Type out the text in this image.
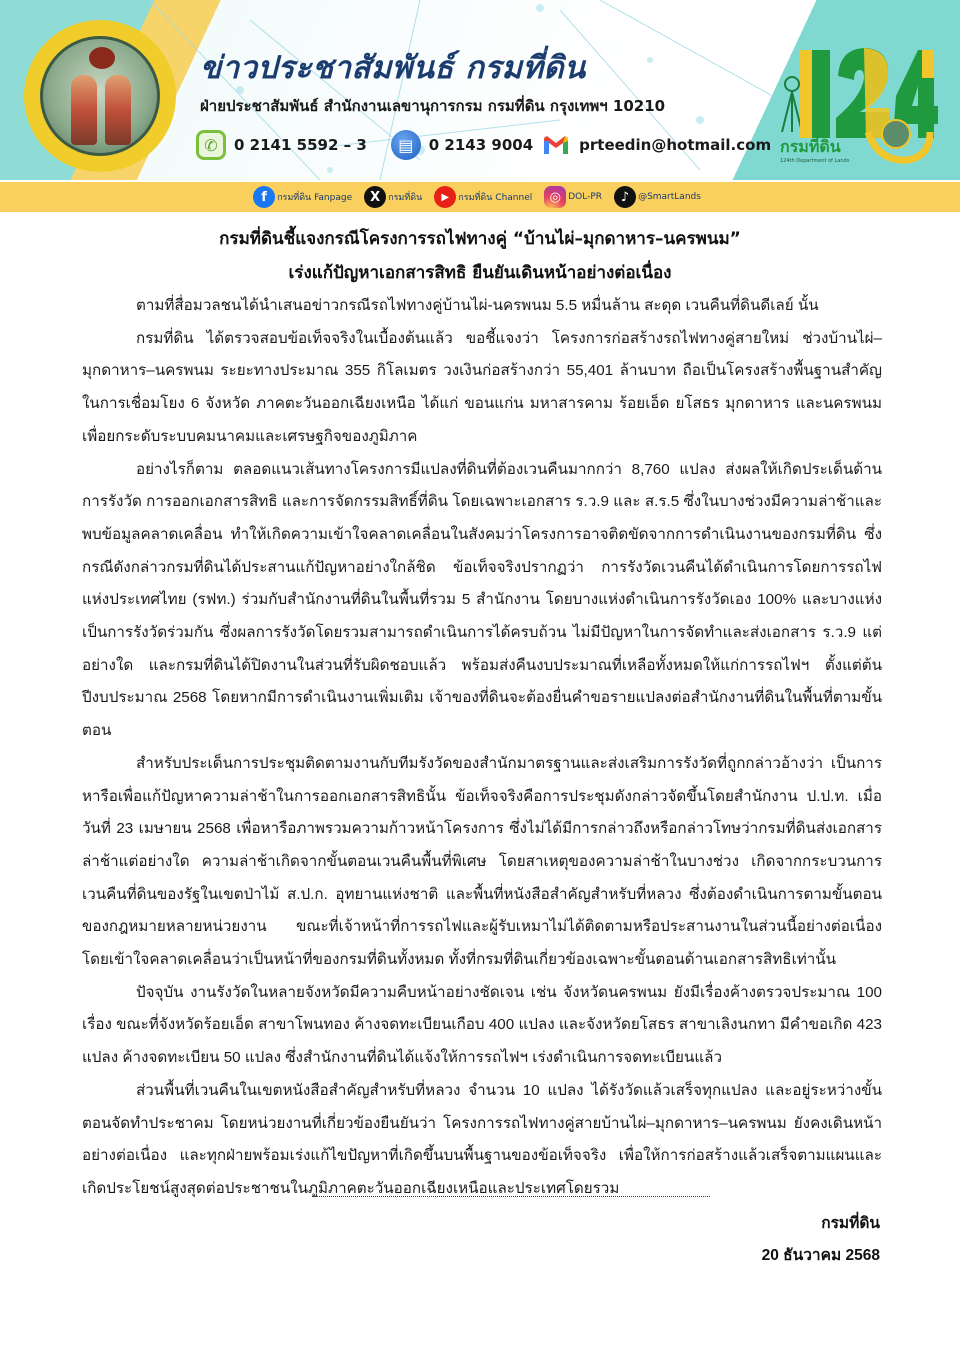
ข่าวประชาสัมพันธ์ กรมที่ดิน
ฝ่ายประชาสัมพันธ์ สำนักงานเลขานุการกรม กรมที่ดิน กรุงเทพฯ 10210
✆	0 2141 5592 – 3	▤	0 2143 9004	prteedin@hotmail.com กรมที่ดิน
124th Department of Lands
f	กรมที่ดิน Fanpage	X กรมที่ดิน	▶	กรมที่ดิน Channel	◎ DOL-PR	♪ @SmartLands
กรมที่ดินชี้แจงกรณีโครงการรถไฟทางคู่ “บ้านไผ่–มุกดาหาร–นครพนม”
เร่งแก้ปัญหาเอกสารสิทธิ ยืนยันเดินหน้าอย่างต่อเนื่อง

ตามที่สื่อมวลชนได้นำเสนอข่าวกรณีรถไฟทางคู่บ้านไผ่-นครพนม 5.5 หมื่นล้าน สะดุด เวนคืนที่ดินดีเลย์ นั้น

กรมที่ดิน ได้ตรวจสอบข้อเท็จจริงในเบื้องต้นแล้ว ขอชี้แจงว่า โครงการก่อสร้างรถไฟทางคู่สายใหม่ ช่วงบ้านไผ่–มุกดาหาร–นครพนม ระยะทางประมาณ 355 กิโลเมตร วงเงินก่อสร้างกว่า 55,401 ล้านบาท ถือเป็นโครงสร้างพื้นฐานสำคัญในการเชื่อมโยง 6 จังหวัด ภาคตะวันออกเฉียงเหนือ ได้แก่ ขอนแก่น มหาสารคาม ร้อยเอ็ด ยโสธร มุกดาหาร และนครพนม เพื่อยกระดับระบบคมนาคมและเศรษฐกิจของภูมิภาค

อย่างไรก็ตาม ตลอดแนวเส้นทางโครงการมีแปลงที่ดินที่ต้องเวนคืนมากกว่า 8,760 แปลง ส่งผลให้เกิดประเด็นด้านการรังวัด การออกเอกสารสิทธิ และการจัดกรรมสิทธิ์ที่ดิน โดยเฉพาะเอกสาร ร.ว.9 และ ส.ร.5 ซึ่งในบางช่วงมีความล่าช้าและพบข้อมูลคลาดเคลื่อน ทำให้เกิดความเข้าใจคลาดเคลื่อนในสังคมว่าโครงการอาจติดขัดจากการดำเนินงานของกรมที่ดิน ซึ่งกรณีดังกล่าวกรมที่ดินได้ประสานแก้ปัญหาอย่างใกล้ชิด ข้อเท็จจริงปรากฏว่า การรังวัดเวนคืนได้ดำเนินการโดยการรถไฟแห่งประเทศไทย (รฟท.) ร่วมกับสำนักงานที่ดินในพื้นที่รวม 5 สำนักงาน โดยบางแห่งดำเนินการรังวัดเอง 100% และบางแห่งเป็นการรังวัดร่วมกัน ซึ่งผลการรังวัดโดยรวมสามารถดำเนินการได้ครบถ้วน ไม่มีปัญหาในการจัดทำและส่งเอกสาร ร.ว.9 แต่อย่างใด และกรมที่ดินได้ปิดงานในส่วนที่รับผิดชอบแล้ว พร้อมส่งคืนงบประมาณที่เหลือทั้งหมดให้แก่การรถไฟฯ ตั้งแต่ต้นปีงบประมาณ 2568 โดยหากมีการดำเนินงานเพิ่มเติม เจ้าของที่ดินจะต้องยื่นคำขอรายแปลงต่อสำนักงานที่ดินในพื้นที่ตามขั้นตอน

สำหรับประเด็นการประชุมติดตามงานกับทีมรังวัดของสำนักมาตรฐานและส่งเสริมการรังวัดที่ถูกกล่าวอ้างว่า เป็นการหารือเพื่อแก้ปัญหาความล่าช้าในการออกเอกสารสิทธินั้น ข้อเท็จจริงคือการประชุมดังกล่าวจัดขึ้นโดยสำนักงาน ป.ป.ท. เมื่อวันที่ 23 เมษายน 2568 เพื่อหารือภาพรวมความก้าวหน้าโครงการ ซึ่งไม่ได้มีการกล่าวถึงหรือกล่าวโทษว่ากรมที่ดินส่งเอกสารล่าช้าแต่อย่างใด ความล่าช้าเกิดจากขั้นตอนเวนคืนพื้นที่พิเศษ โดยสาเหตุของความล่าช้าในบางช่วง เกิดจากกระบวนการเวนคืนที่ดินของรัฐในเขตป่าไม้ ส.ป.ก. อุทยานแห่งชาติ และพื้นที่หนังสือสำคัญสำหรับที่หลวง ซึ่งต้องดำเนินการตามขั้นตอนของกฎหมายหลายหน่วยงาน ขณะที่เจ้าหน้าที่การรถไฟและผู้รับเหมาไม่ได้ติดตามหรือประสานงานในส่วนนี้อย่างต่อเนื่อง โดยเข้าใจคลาดเคลื่อนว่าเป็นหน้าที่ของกรมที่ดินทั้งหมด ทั้งที่กรมที่ดินเกี่ยวข้องเฉพาะขั้นตอนด้านเอกสารสิทธิเท่านั้น

ปัจจุบัน งานรังวัดในหลายจังหวัดมีความคืบหน้าอย่างชัดเจน เช่น จังหวัดนครพนม ยังมีเรื่องค้างตรวจประมาณ 100 เรื่อง ขณะที่จังหวัดร้อยเอ็ด สาขาโพนทอง ค้างจดทะเบียนเกือบ 400 แปลง และจังหวัดยโสธร สาขาเลิงนกทา มีคำขอเกิด 423 แปลง ค้างจดทะเบียน 50 แปลง ซึ่งสำนักงานที่ดินได้แจ้งให้การรถไฟฯ เร่งดำเนินการจดทะเบียนแล้ว

ส่วนพื้นที่เวนคืนในเขตหนังสือสำคัญสำหรับที่หลวง จำนวน 10 แปลง ได้รังวัดแล้วเสร็จทุกแปลง และอยู่ระหว่างขั้นตอนจัดทำประชาคม โดยหน่วยงานที่เกี่ยวข้องยืนยันว่า โครงการรถไฟทางคู่สายบ้านไผ่–มุกดาหาร–นครพนม ยังคงเดินหน้าอย่างต่อเนื่อง และทุกฝ่ายพร้อมเร่งแก้ไขปัญหาที่เกิดขึ้นบนพื้นฐานของข้อเท็จจริง เพื่อให้การก่อสร้างแล้วเสร็จตามแผนและเกิดประโยชน์สูงสุดต่อประชาชนในภูมิภาคตะวันออกเฉียงเหนือและประเทศโดยรวม

กรมที่ดิน
20 ธันวาคม 2568
